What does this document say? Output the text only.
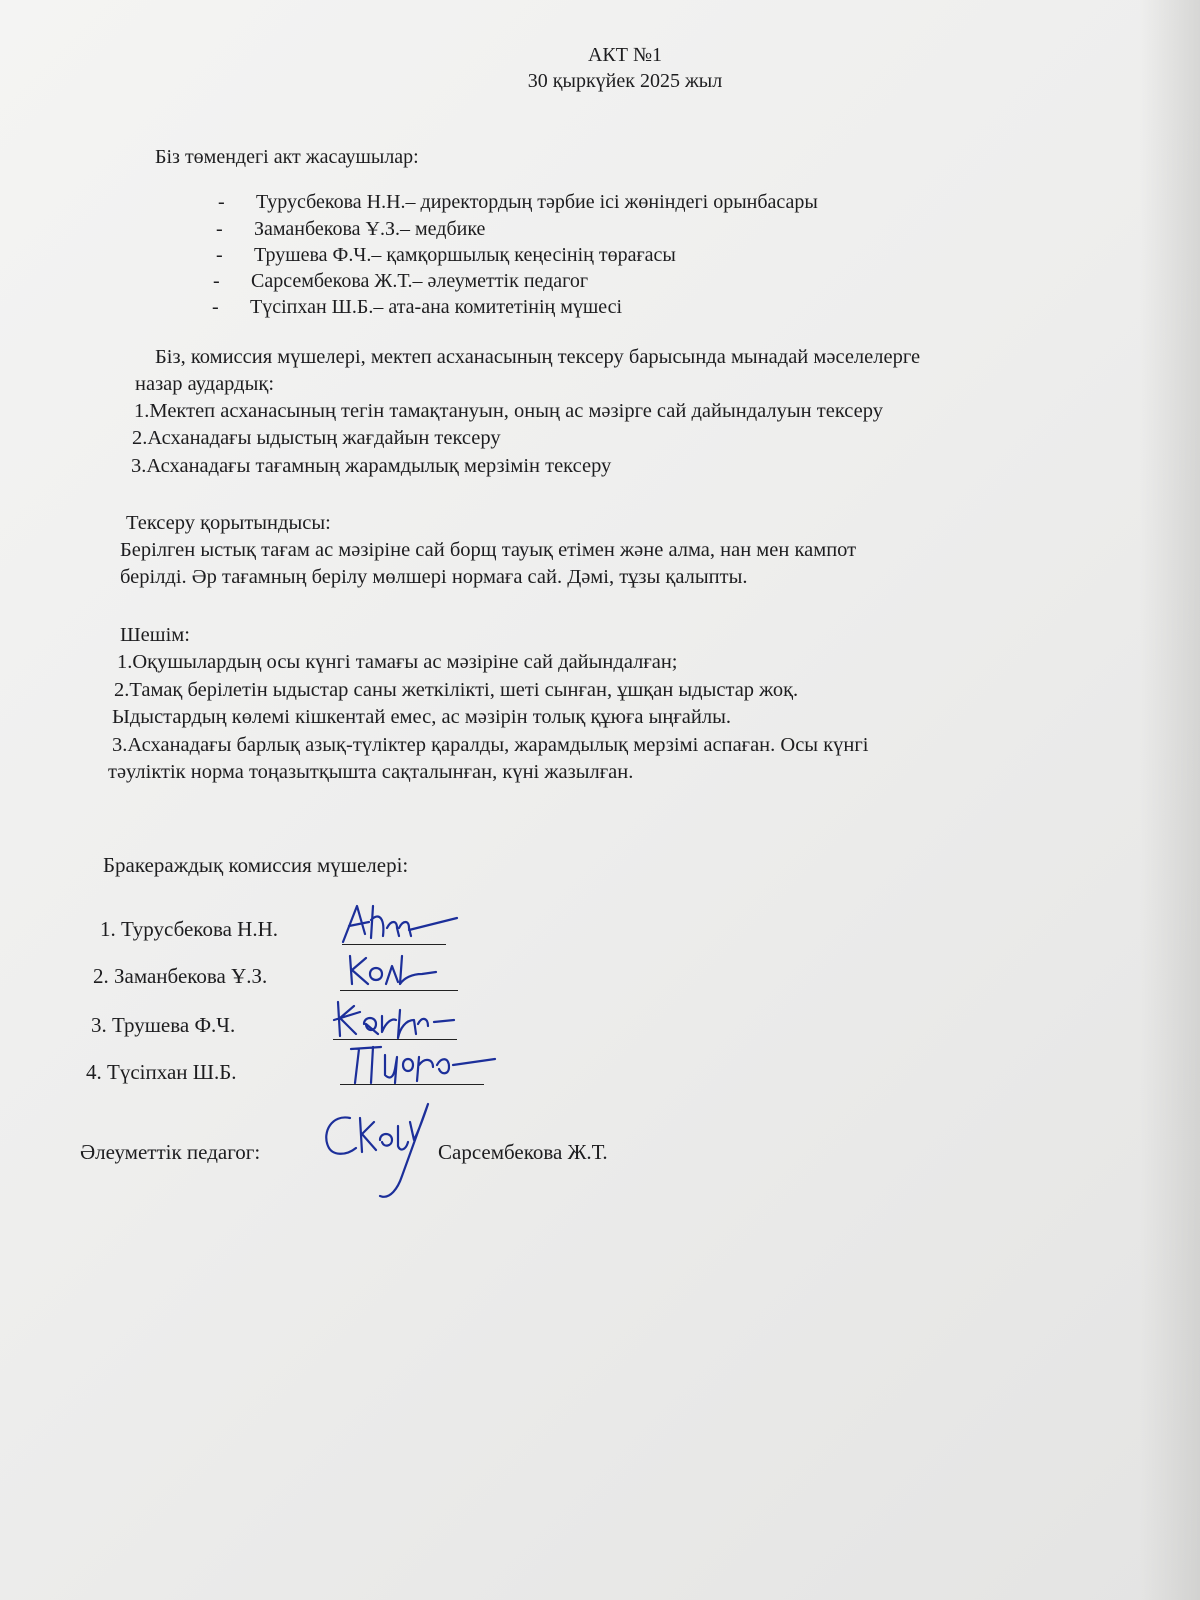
АКТ №1
30 қыркүйек 2025 жыл
Біз төмендегі акт жасаушылар:
- Турусбекова Н.Н.– директордың тәрбие ісі жөніндегі орынбасары
- Заманбекова Ұ.З.– медбике
- Трушева Ф.Ч.– қамқоршылық кеңесінің төрағасы
- Сарсембекова Ж.Т.– әлеуметтік педагог
- Түсіпхан Ш.Б.– ата-ана комитетінің мүшесі
Біз, комиссия мүшелері, мектеп асханасының тексеру барысында мынадай мәселелерге
назар аудардық:
1.Мектеп асханасының тегін тамақтануын, оның ас мәзірге сай дайындалуын тексеру
2.Асханадағы ыдыстың жағдайын тексеру
3.Асханадағы тағамның жарамдылық мерзімін тексеру
Тексеру қорытындысы:
Берілген ыстық тағам ас мәзіріне сай борщ тауық етімен және алма, нан мен кампот
берілді. Әр тағамның берілу мөлшері нормаға сай. Дәмі, тұзы қалыпты.
Шешім:
1.Оқушылардың осы күнгі тамағы ас мәзіріне сай дайындалған;
2.Тамақ берілетін ыдыстар саны жеткілікті, шеті сынған, ұшқан ыдыстар жоқ.
Ыдыстардың көлемі кішкентай емес, ас мәзірін толық құюға ыңғайлы.
3.Асханадағы барлық азық-түліктер қаралды, жарамдылық мерзімі аспаған. Осы күнгі
тәуліктік норма тоңазытқышта сақталынған, күні жазылған.
Бракераждық комиссия мүшелері:
1. Турусбекова Н.Н.
2. Заманбекова Ұ.З.
3. Трушева Ф.Ч.
4. Түсіпхан Ш.Б.
Әлеуметтік педагог:	Сарсембекова Ж.Т.
